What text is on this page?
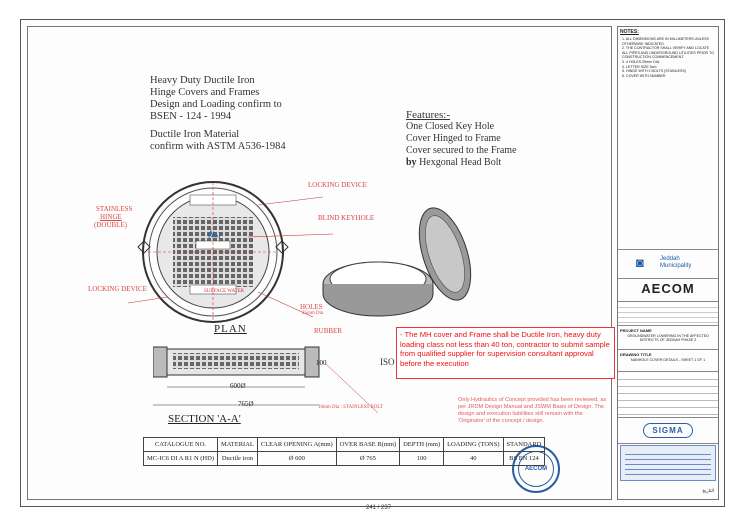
Heavy Duty Ductile Iron
Hinge Covers and Frames
Design and Loading confirm to
BSEN - 124 - 1994
Ductile Iron Material
confirm with ASTM A536-1984
Features:-
One Closed Key Hole
Cover Hinged to Frame
Cover secured to the Frame
by Hexgonal Head Bolt
(ملأ)
SURFACE WATER
LOCKING DEVICE
STAINLESS
HINGE
(DOUBLE)
BLIND KEYHOLE
LOCKING DEVICE
HOLES
25mm Dia
RUBBER
PLAN
600Ø
765Ø
100	ISO
10mm Dia : STAINLESS BOLT
SECTION 'A-A'
- The MH cover and Frame shall be Ductile Iron, heavy duty loading class not less than 40 ton, contractor to submit sample from qualified supplier for supervision consultant approval before the execution
Only Hydraulics of Concept provided has been reviewed, as per JRDM Design Manual and JSWM Basis of Design. The design and execution liabilities still remain with the 'Originator' of the concept / design.
AECOM
CATALOGUE NO.	MATERIAL	CLEAR OPENING A(mm)	OVER BASE B(mm)	DEPTH (mm)	LOADING (TONS)	STANDARD
MC-IC6 DI A R1 N (HD)	Ductile iron	Ø 600	Ø 765	100	40	BS EN 124
241 / 237
NOTES:
1. ALL DIMENSIONS ARE IN MILLIMETERS UNLESS OTHERWISE INDICATED.
2. THE CONTRACTOR SHALL VERIFY AND LOCATE ALL PIPES AND UNDERGROUND UTILITIES PRIOR TO CONSTRUCTION COMMENCEMENT.
3. 4 HOLES 25mm DIA.
4. LETTER SIZE 5cm
5. HINGE WITH 2 BOLTS (STAINLESS)
6. COVER WITH NUMBER
◙	Jeddah
Municipality
AECOM
PROJECT NAME
GROUNDWATER LOWERING IN THE AFFECTED DISTRICTS OF JEDDAH PHASE 2
DRAWING TITLE
MANHOLE COVER DETAILS - SHEET 1 OF 1
SIGMA
التاريخ
